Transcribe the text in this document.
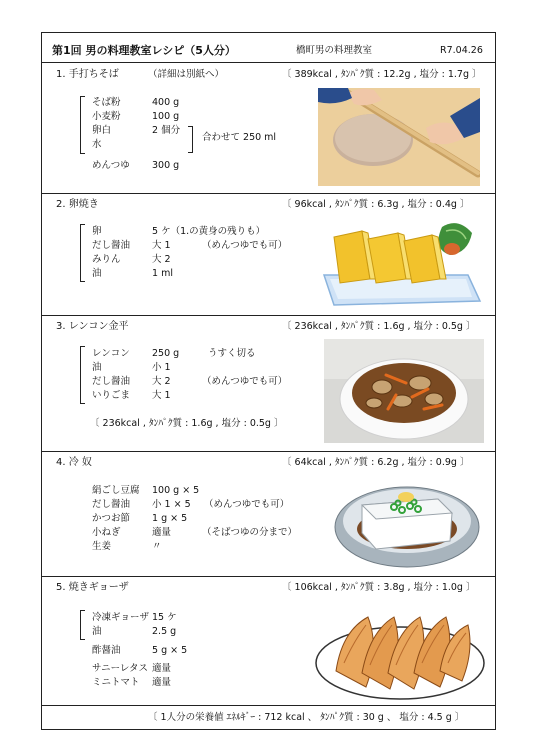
第1回 男の料理教室レシピ（5人分）	橋町男の料理教室	R7.04.26
1. 手打ちそば	（詳細は別紙へ）	〔 389kcal , ﾀﾝﾊﾟｸ質 : 12.2g , 塩分 : 1.7g 〕
そば粉	400 g
小麦粉	100 g
卵白	2 個分
水
合わせて 250 ml
めんつゆ 300 g
2. 卵焼き	〔 96kcal , ﾀﾝﾊﾟｸ質 : 6.3g , 塩分 : 0.4g 〕
卵	5 ケ（1.の黄身の残りも）
だし醤油 大 1	（めんつゆでも可）
みりん	大 2
油	1 ml
3. レンコン金平	〔 236kcal , ﾀﾝﾊﾟｸ質 : 1.6g , 塩分 : 0.5g 〕
レンコン 250 g	うすく切る
油	小 1
だし醤油 大 2	（めんつゆでも可）
いりごま 大 1
〔 236kcal , ﾀﾝﾊﾟｸ質 : 1.6g , 塩分 : 0.5g 〕
4. 冷 奴	〔 64kcal , ﾀﾝﾊﾟｸ質 : 6.2g , 塩分 : 0.9g 〕
絹ごし豆腐 100 g × 5
だし醤油 小 1 × 5 （めんつゆでも可）
かつお節 1 g × 5
小ねぎ	適量	（そばつゆの分まで）
生姜	〃
5. 焼きギョーザ	〔 106kcal , ﾀﾝﾊﾟｸ質 : 3.8g , 塩分 : 1.0g 〕
冷凍ギョーザ 15 ケ
油	2.5 g
酢醤油	5 g × 5
サニーレタス 適量
ミニトマト 適量
〔 1人分の栄養値 ｴﾈﾙｷﾞｰ : 712 kcal 、 ﾀﾝﾊﾟｸ質 : 30 g 、 塩分 : 4.5 g 〕
